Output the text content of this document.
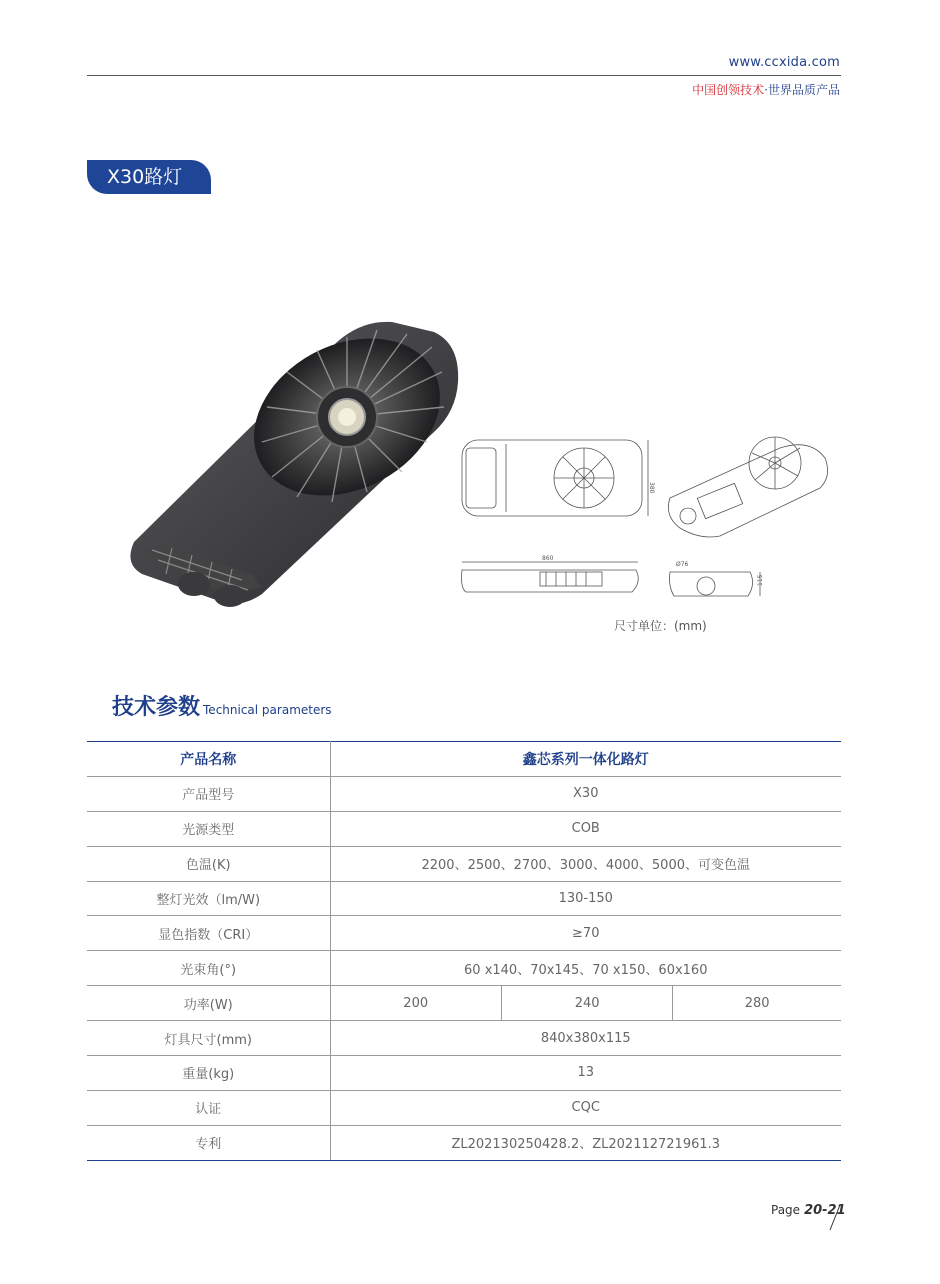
www.ccxida.com
中国创领技术·世界品质产品
X30路灯
380
860
Ø76
115
尺寸单位：(mm)
技术参数 Technical parameters
产品名称	鑫芯系列一体化路灯		
产品型号	X30		
光源类型	COB		
色温(K)	2200、2500、2700、3000、4000、5000、可变色温		
整灯光效（lm/W)	130-150		
显色指数（CRI）	≥70		
光束角(°)	60 x140、70x145、70 x150、60x160		
功率(W)	200	240	280
灯具尺寸(mm)	840x380x115		
重量(kg)	13		
认证	CQC		
专利	ZL202130250428.2、ZL202112721961.3		
Page 20-21
